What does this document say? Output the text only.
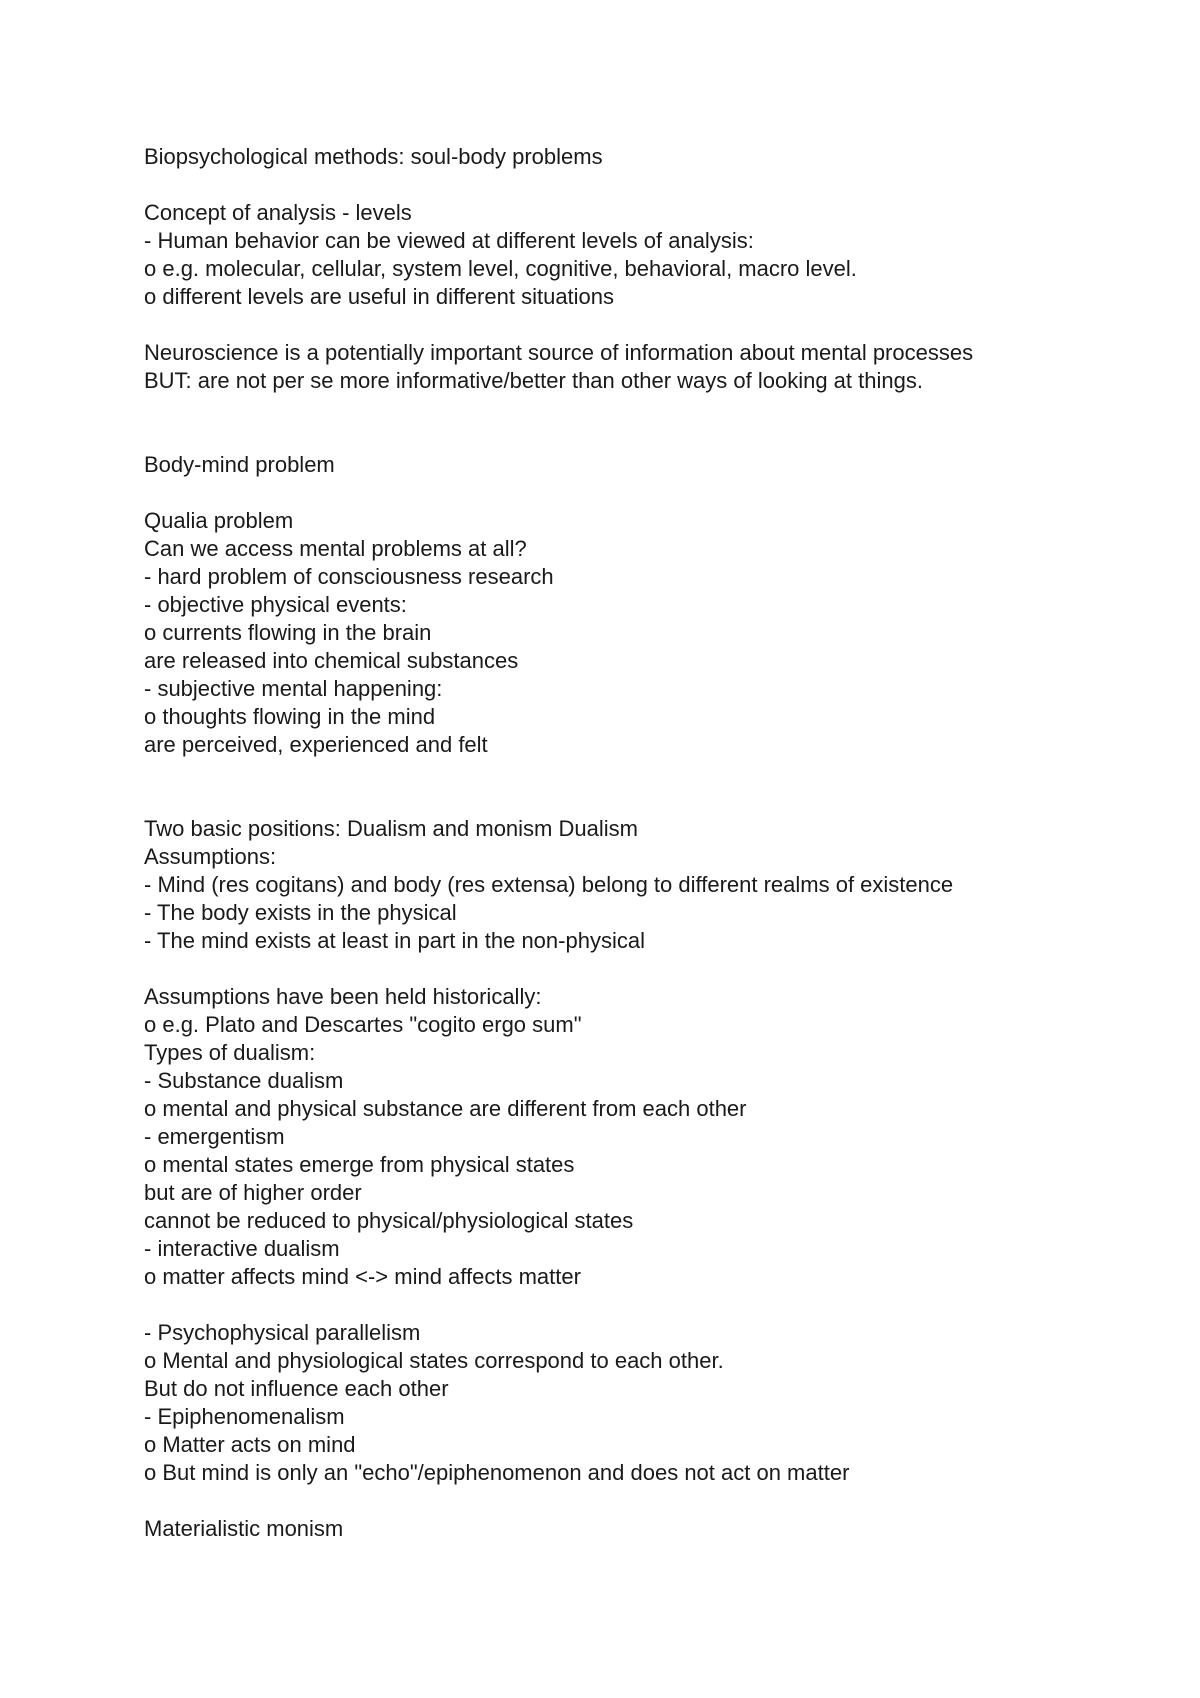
Biopsychological methods: soul-body problems
Concept of analysis - levels
- Human behavior can be viewed at different levels of analysis:
o e.g. molecular, cellular, system level, cognitive, behavioral, macro level.
o different levels are useful in different situations
Neuroscience is a potentially important source of information about mental processes
BUT: are not per se more informative/better than other ways of looking at things.
Body-mind problem
Qualia problem
Can we access mental problems at all?
- hard problem of consciousness research
- objective physical events:
o currents flowing in the brain
are released into chemical substances
- subjective mental happening:
o thoughts flowing in the mind
are perceived, experienced and felt
Two basic positions: Dualism and monism Dualism
Assumptions:
- Mind (res cogitans) and body (res extensa) belong to different realms of existence
- The body exists in the physical
- The mind exists at least in part in the non-physical
Assumptions have been held historically:
o e.g. Plato and Descartes "cogito ergo sum"
Types of dualism:
- Substance dualism
o mental and physical substance are different from each other
- emergentism
o mental states emerge from physical states
but are of higher order
cannot be reduced to physical/physiological states
- interactive dualism
o matter affects mind <-> mind affects matter
- Psychophysical parallelism
o Mental and physiological states correspond to each other.
But do not influence each other
- Epiphenomenalism
o Matter acts on mind
o But mind is only an "echo"/epiphenomenon and does not act on matter
Materialistic monism
